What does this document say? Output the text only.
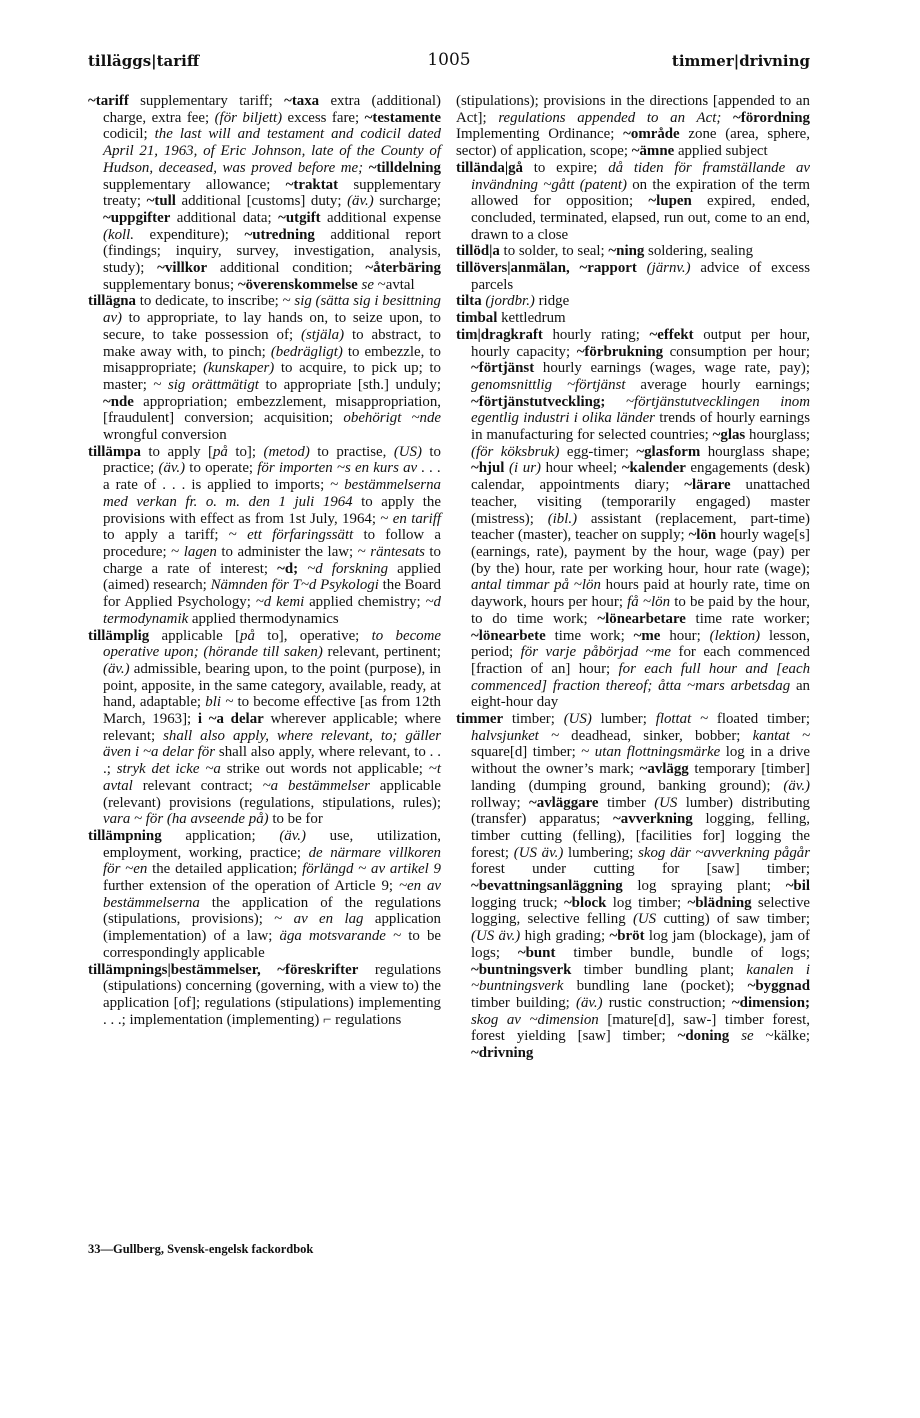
tilläggs|tariff	1005	timmer|drivning

~tariff supplementary tariff; ~taxa extra (additional) charge, extra fee; (för biljett) excess fare; ~testamente codicil; the last will and testament and codicil dated April 21, 1963, of Eric Johnson, late of the County of Hudson, deceased, was proved before me; ~tilldelning supplementary allowance; ~traktat supplementary treaty; ~tull additional [customs] duty; (äv.) surcharge; ~uppgifter additional data; ~utgift additional expense (koll. expenditure); ~utredning additional report (findings; inquiry, survey, investigation, analysis, study); ~villkor additional condition; ~återbäring supplementary bonus; ~överenskommelse se ~avtal

tillägna to dedicate, to inscribe; ~ sig (sätta sig i besittning av) to appropriate, to lay hands on, to seize upon, to secure, to take possession of; (stjäla) to abstract, to make away with, to pinch; (bedrägligt) to embezzle, to misappropriate; (kunskaper) to acquire, to pick up; to master; ~ sig orättmätigt to appropriate [sth.] unduly; ~nde appropriation; embezzlement, misappropriation, [fraudulent] conversion; acquisition; obehörigt ~nde wrongful conversion

tillämpa to apply [på to]; (metod) to practise, (US) to practice; (äv.) to operate; för importen ~s en kurs av . . . a rate of . . . is applied to imports; ~ bestämmelserna med verkan fr. o. m. den 1 juli 1964 to apply the provisions with effect as from 1st July, 1964; ~ en tariff to apply a tariff; ~ ett förfaringssätt to follow a procedure; ~ lagen to administer the law; ~ räntesats to charge a rate of interest; ~d; ~d forskning applied (aimed) research; Nämnden för T~d Psykologi the Board for Applied Psychology; ~d kemi applied chemistry; ~d termodynamik applied thermodynamics

tillämplig applicable [på to], operative; to become operative upon; (hörande till saken) relevant, pertinent; (äv.) admissible, bearing upon, to the point (purpose), in point, apposite, in the same category, available, ready, at hand, adaptable; bli ~ to become effective [as from 12th March, 1963]; i ~a delar wherever applicable; where relevant; shall also apply, where relevant, to; gäller även i ~a delar för shall also apply, where relevant, to . . .; stryk det icke ~a strike out words not applicable; ~t avtal relevant contract; ~a bestämmelser applicable (relevant) provisions (regulations, stipulations, rules); vara ~ för (ha avseende på) to be for

tillämpning application; (äv.) use, utilization, employment, working, practice; de närmare villkoren för ~en the detailed application; förlängd ~ av artikel 9 further extension of the operation of Article 9; ~en av bestämmelserna the application of the regulations (stipulations, provisions); ~ av en lag application (implementation) of a law; äga motsvarande ~ to be correspondingly applicable

tillämpnings|bestämmelser, ~föreskrifter regulations (stipulations) concerning (governing, with a view to) the application [of]; regulations (stipulations) implementing . . .; implementation (implementing) ⌐ regulations

(stipulations); provisions in the directions [appended to an Act]; regulations appended to an Act; ~förordning Implementing Ordinance; ~område zone (area, sphere, sector) of application, scope; ~ämne applied subject

tillända|gå to expire; då tiden för framställande av invändning ~gått (patent) on the expiration of the term allowed for opposition; ~lupen expired, ended, concluded, terminated, elapsed, run out, come to an end, drawn to a close

tillöd|a to solder, to seal; ~ning soldering, sealing

tillövers|anmälan, ~rapport (järnv.) advice of excess parcels

tilta (jordbr.) ridge

timbal kettledrum

tim|dragkraft hourly rating; ~effekt output per hour, hourly capacity; ~förbrukning consumption per hour; ~förtjänst hourly earnings (wages, wage rate, pay); genomsnittlig ~förtjänst average hourly earnings; ~förtjänstutveckling; ~förtjänstutvecklingen inom egentlig industri i olika länder trends of hourly earnings in manufacturing for selected countries; ~glas hourglass; (för köksbruk) egg-timer; ~glasform hourglass shape; ~hjul (i ur) hour wheel; ~kalender engagements (desk) calendar, appointments diary; ~lärare unattached teacher, visiting (temporarily engaged) master (mistress); (ibl.) assistant (replacement, part-time) teacher (master), teacher on supply; ~lön hourly wage[s] (earnings, rate), payment by the hour, wage (pay) per (by the) hour, rate per working hour, hour rate (wage); antal timmar på ~lön hours paid at hourly rate, time on daywork, hours per hour; få ~lön to be paid by the hour, to do time work; ~lönearbetare time rate worker; ~lönearbete time work; ~me hour; (lektion) lesson, period; för varje påbörjad ~me for each commenced [fraction of an] hour; for each full hour and [each commenced] fraction thereof; åtta ~mars arbetsdag an eight-hour day

timmer timber; (US) lumber; flottat ~ floated timber; halvsjunket ~ deadhead, sinker, bobber; kantat ~ square[d] timber; ~ utan flottningsmärke log in a drive without the owner’s mark; ~avlägg temporary [timber] landing (dumping ground, banking ground); (äv.) rollway; ~avläggare timber (US lumber) distributing (transfer) apparatus; ~avverkning logging, felling, timber cutting (felling), [facilities for] logging the forest; (US äv.) lumbering; skog där ~avverkning pågår forest under cutting for [saw] timber; ~bevattningsanläggning log spraying plant; ~bil logging truck; ~block log timber; ~blädning selective logging, selective felling (US cutting) of saw timber; (US äv.) high grading; ~bröt log jam (blockage), jam of logs; ~bunt timber bundle, bundle of logs; ~buntningsverk timber bundling plant; kanalen i ~buntningsverk bundling lane (pocket); ~byggnad timber building; (äv.) rustic construction; ~dimension; skog av ~dimension [mature[d], saw-] timber forest, forest yielding [saw] timber; ~doning se ~kälke; ~drivning

33—Gullberg, Svensk-engelsk fackordbok
